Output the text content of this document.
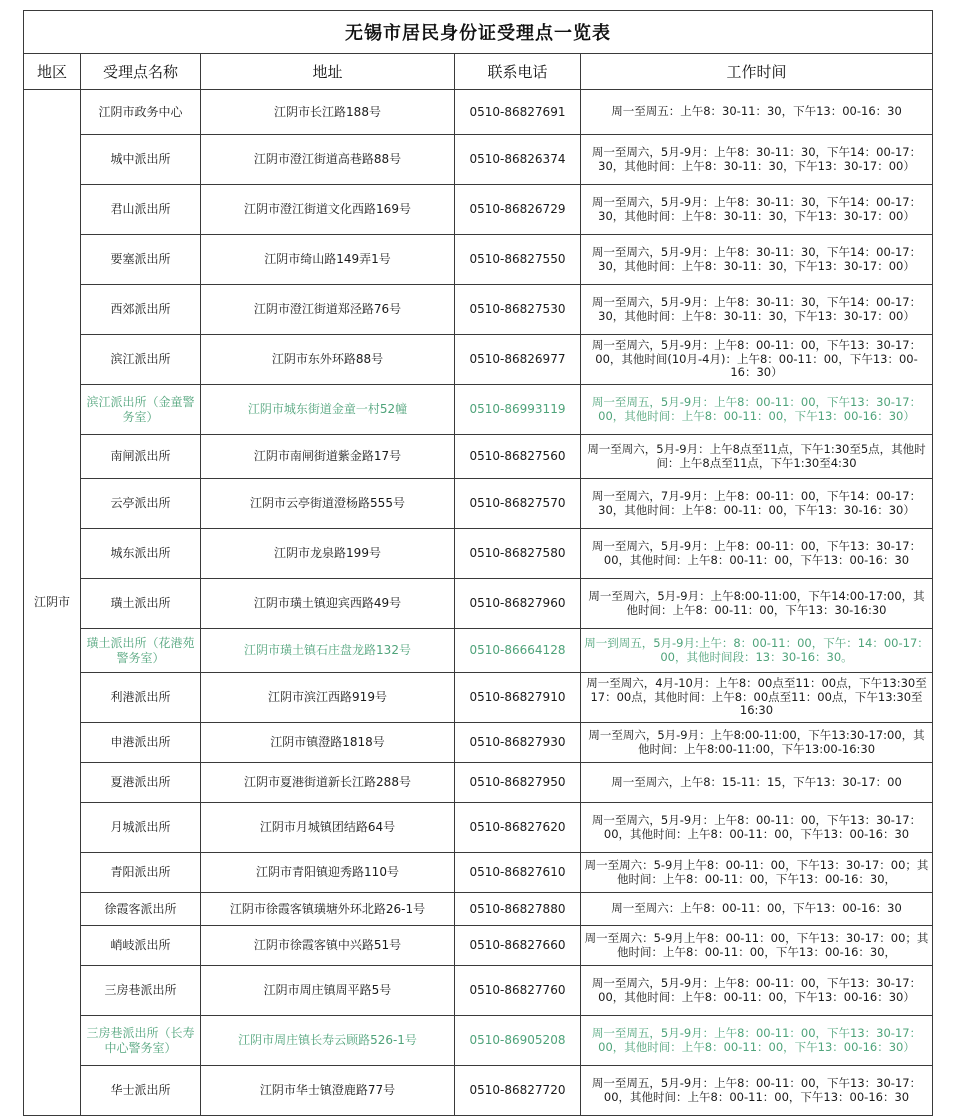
无锡市居民身份证受理点一览表				
地区	受理点名称	地址	联系电话	工作时间
江阴市	江阴市政务中心	江阴市长江路188号	0510-86827691	周一至周五：上午8：30-11：30，下午13：00-16：30
	城中派出所	江阴市澄江街道高巷路88号	0510-86826374	周一至周六，5月-9月：上午8：30-11：30，下午14：00-17：30，其他时间：上午8：30-11：30，下午13：30-17：00）
	君山派出所	江阴市澄江街道文化西路169号	0510-86826729	周一至周六，5月-9月：上午8：30-11：30，下午14：00-17：30，其他时间：上午8：30-11：30，下午13：30-17：00）
	要塞派出所	江阴市绮山路149弄1号	0510-86827550	周一至周六，5月-9月：上午8：30-11：30，下午14：00-17：30，其他时间：上午8：30-11：30，下午13：30-17：00）
	西郊派出所	江阴市澄江街道郑泾路76号	0510-86827530	周一至周六，5月-9月：上午8：30-11：30，下午14：00-17：30，其他时间：上午8：30-11：30，下午13：30-17：00）
	滨江派出所	江阴市东外环路88号	0510-86826977	周一至周六，5月-9月：上午8：00-11：00，下午13：30-17：00，其他时间(10月-4月)：上午8：00-11：00，下午13：00-16：30）
	滨江派出所（金童警务室）	江阴市城东街道金童一村52幢	0510-86993119	周一至周五，5月-9月：上午8：00-11：00，下午13：30-17：00，其他时间：上午8：00-11：00，下午13：00-16：30）
	南闸派出所	江阴市南闸街道紫金路17号	0510-86827560	周一至周六，5月-9月：上午8点至11点，下午1:30至5点，其他时间：上午8点至11点，下午1:30至4:30
	云亭派出所	江阴市云亭街道澄杨路555号	0510-86827570	周一至周六，7月-9月：上午8：00-11：00，下午14：00-17：30，其他时间：上午8：00-11：00，下午13：30-16：30）
	城东派出所	江阴市龙泉路199号	0510-86827580	周一至周六，5月-9月：上午8：00-11：00，下午13：30-17：00，其他时间：上午8：00-11：00，下午13：00-16：30
	璜土派出所	江阴市璜土镇迎宾西路49号	0510-86827960	周一至周六，5月-9月：上午8:00-11:00，下午14:00-17:00，其他时间：上午8：00-11：00，下午13：30-16:30
	璜土派出所（花港苑警务室）	江阴市璜土镇石庄盘龙路132号	0510-86664128	周一到周五，5月-9月:上午：8：00-11：00，下午：14：00-17：00，其他时间段：13：30-16：30。
	利港派出所	江阴市滨江西路919号	0510-86827910	周一至周六，4月-10月：上午8：00点至11：00点，下午13:30至17：00点，其他时间：上午8：00点至11：00点，下午13:30至16:30
	申港派出所	江阴市镇澄路1818号	0510-86827930	周一至周六，5月-9月：上午8:00-11:00，下午13:30-17:00，其他时间：上午8:00-11:00，下午13:00-16:30
	夏港派出所	江阴市夏港街道新长江路288号	0510-86827950	周一至周六，上午8：15-11：15，下午13：30-17：00
	月城派出所	江阴市月城镇团结路64号	0510-86827620	周一至周六，5月-9月：上午8：00-11：00，下午13：30-17：00，其他时间：上午8：00-11：00，下午13：00-16：30
	青阳派出所	江阴市青阳镇迎秀路110号	0510-86827610	周一至周六：5-9月上午8：00-11：00，下午13：30-17：00；其他时间：上午8：00-11：00，下午13：00-16：30，
	徐霞客派出所	江阴市徐霞客镇璜塘外环北路26-1号	0510-86827880	周一至周六：上午8：00-11：00，下午13：00-16：30
	峭岐派出所	江阴市徐霞客镇中兴路51号	0510-86827660	周一至周六：5-9月上午8：00-11：00，下午13：30-17：00；其他时间：上午8：00-11：00，下午13：00-16：30，
	三房巷派出所	江阴市周庄镇周平路5号	0510-86827760	周一至周六，5月-9月：上午8：00-11：00，下午13：30-17：00，其他时间：上午8：00-11：00，下午13：00-16：30）
	三房巷派出所（长寿中心警务室）	江阴市周庄镇长寿云顾路526-1号	0510-86905208	周一至周五，5月-9月：上午8：00-11：00，下午13：30-17：00，其他时间：上午8：00-11：00，下午13：00-16：30）
	华士派出所	江阴市华士镇澄鹿路77号	0510-86827720	周一至周五，5月-9月：上午8：00-11：00，下午13：30-17：00，其他时间：上午8：00-11：00，下午13：00-16：30
